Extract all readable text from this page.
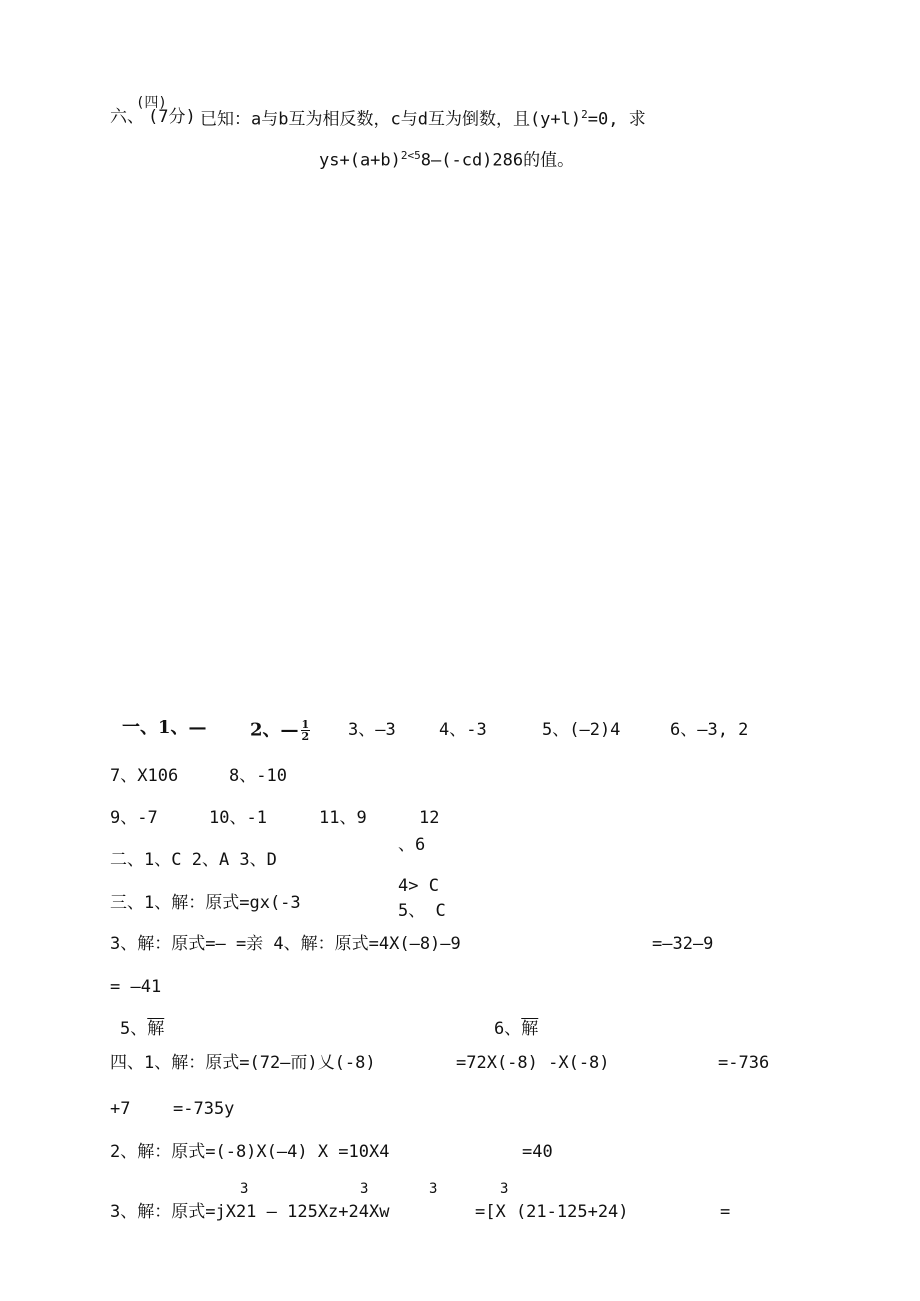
六、
(四)
(7分) 已知：a与b互为相反数，c与d互为倒数，且$(y+l)^2=0$, 求
$ys+(a+b)^{2<5}8—(-cd)286$的值。
一、1、— 2、— $\frac{1}{2} 3$、—3	4、-3	5、(—2)4	6、—3, 2
7、X106	8、-10
9、-7	10、-1	11、9	12
、6
二、1、C 2、A 3、D
4> C
三、1、解：原式=gx(-3	5、 C
3、解：原式=— =亲 4、解：原式=4X(—8)—9	=—32—9
= —41
5、解	6、解
四、1、解：原式=(72—而)乂(-8)	=72X(-8) -X(-8)	=-736
+7	=-735y
2、解：原式=(-8)X(—4) X =10X4	=40
3	3	3	3
3、解：原式=jX21 — 125Xz+24Xw	=[X (21-125+24)	=
